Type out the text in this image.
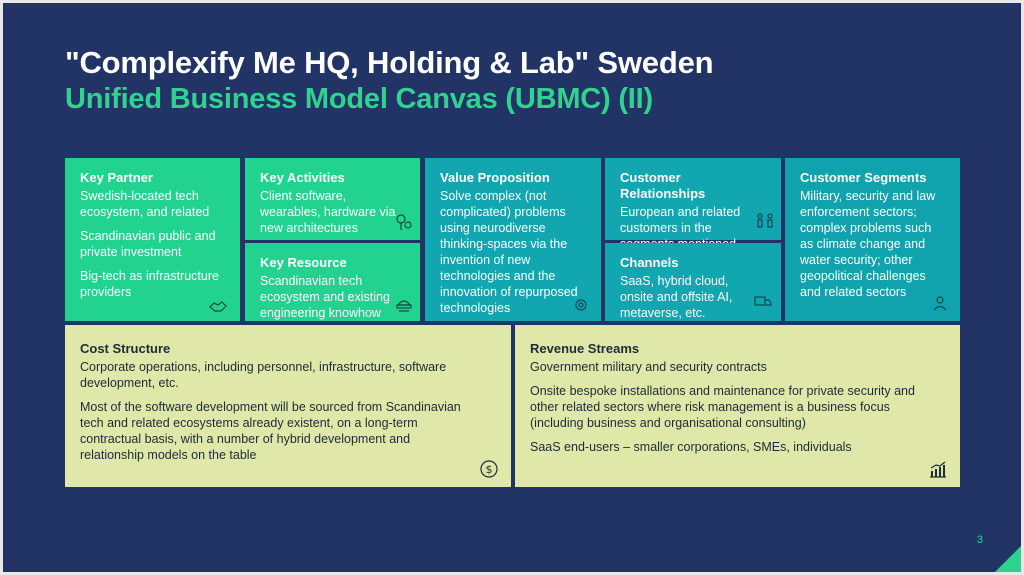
"Complexify Me HQ, Holding & Lab" Sweden
Unified Business Model Canvas (UBMC) (II)
Key Partner
Swedish-located tech ecosystem, and related
Scandinavian public and private investment
Big-tech as infrastructure providers
Key Activities
Client software, wearables, hardware via new architectures
Key Resource
Scandinavian tech ecosystem and existing engineering knowhow
Value Proposition
Solve complex (not complicated) problems using neurodiverse thinking-spaces via the invention of new technologies and the innovation of repurposed technologies
Customer Relationships
European and related customers in the
Channels
SaaS, hybrid cloud, onsite and offsite AI, metaverse, etc.
Customer Segments
Military, security and law enforcement sectors; complex problems such as climate change and water security; other geopolitical challenges and related sectors
Cost Structure
Corporate operations, including personnel, infrastructure, software development, etc.
Most of the software development will be sourced from Scandinavian tech and related ecosystems already existent, on a long-term contractual basis, with a number of hybrid development and relationship models on the table
$
Revenue Streams
Government military and security contracts
Onsite bespoke installations and maintenance for private security and other related sectors where risk management is a business focus (including business and organisational consulting)
SaaS end-users – smaller corporations, SMEs, individuals
3
